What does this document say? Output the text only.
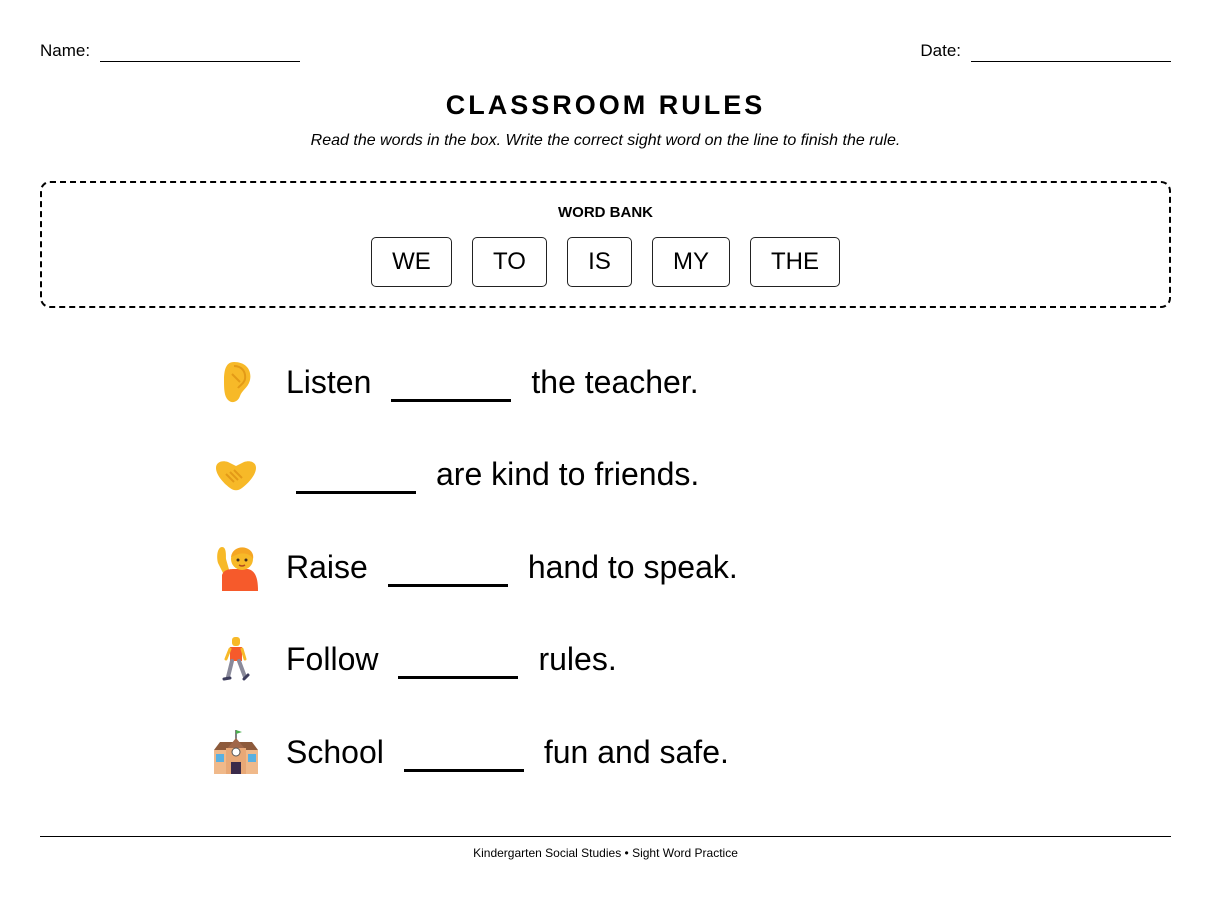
Name:	Date:
CLASSROOM RULES
Read the words in the box. Write the correct sight word on the line to finish the rule.
WORD BANK
WE	TO	IS	MY	THE
Listen	the teacher.
are kind to friends.
Raise	hand to speak.
Follow	rules.
School	fun and safe.
Kindergarten Social Studies • Sight Word Practice
